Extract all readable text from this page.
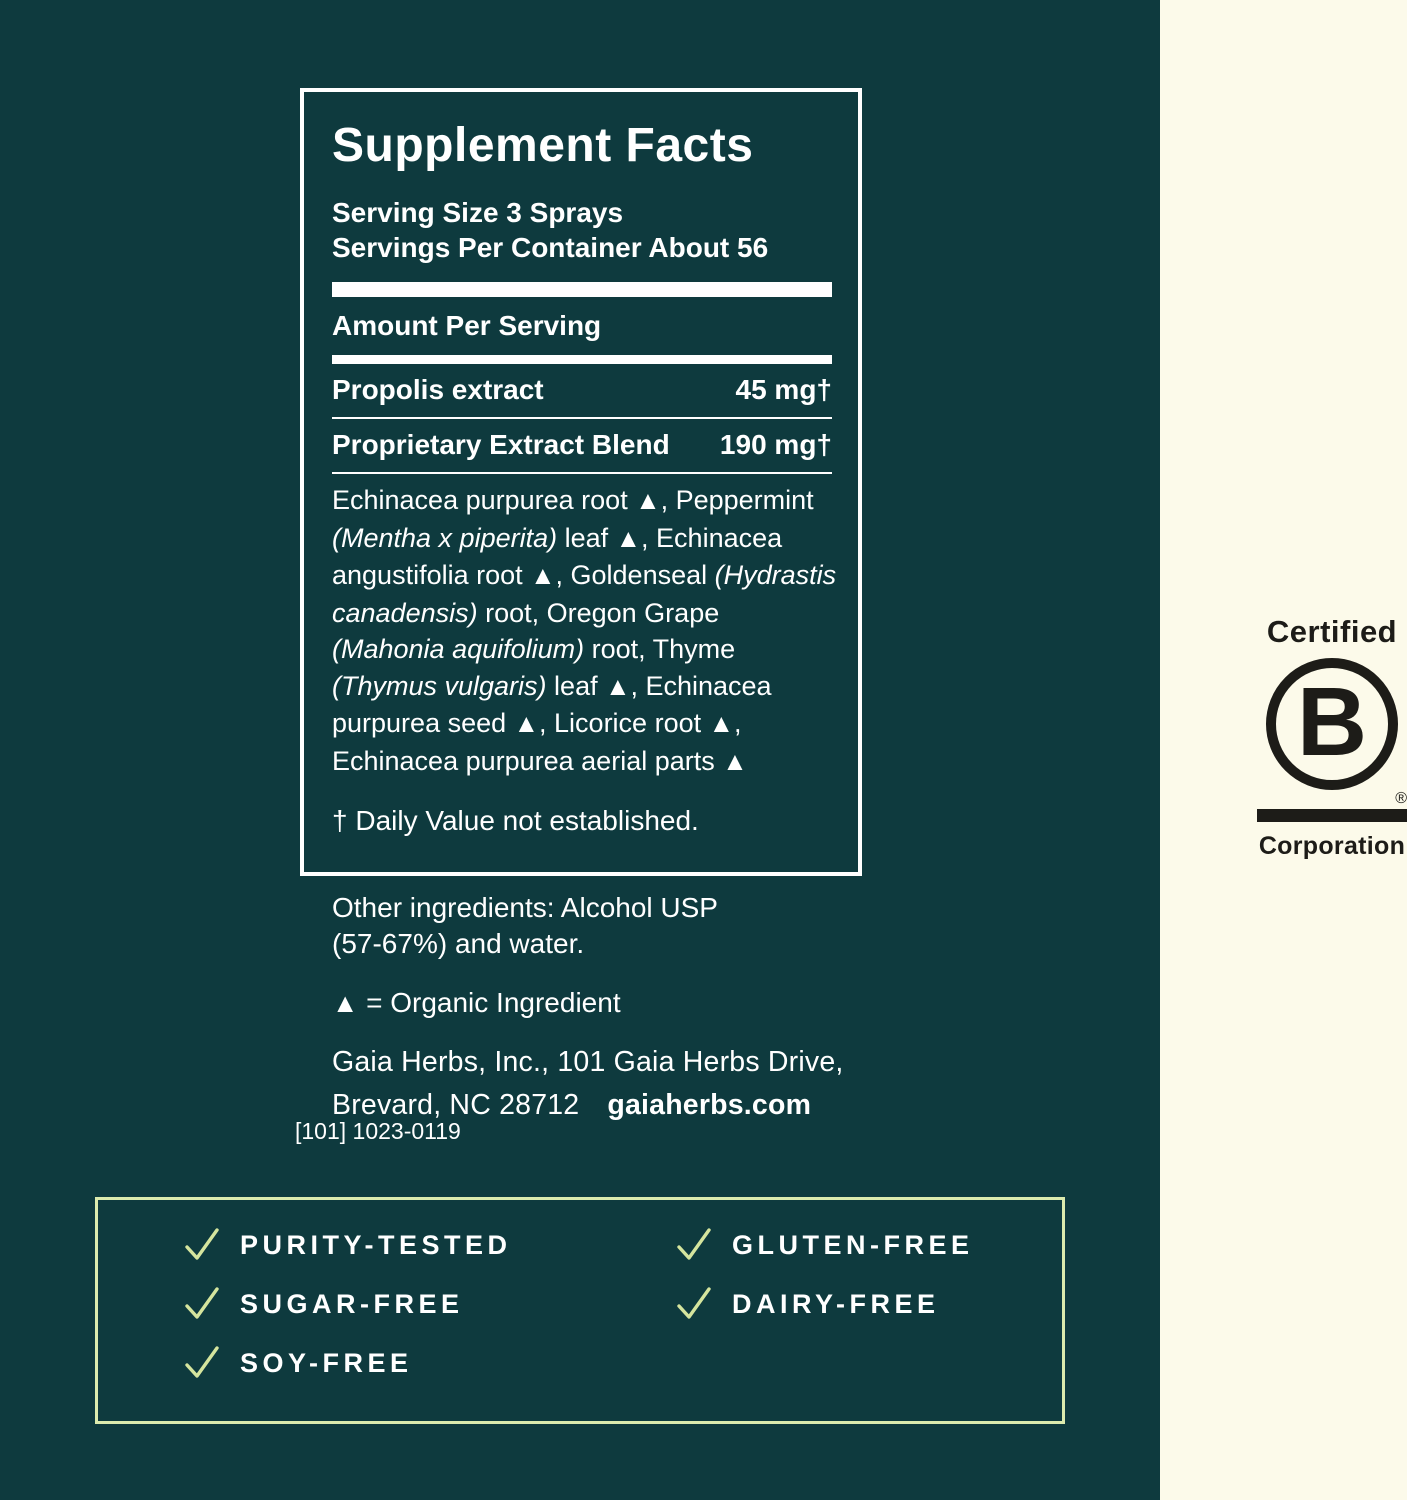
Certified
B
®
Corporation
Supplement Facts
Serving Size 3 Sprays
Servings Per Container About 56
Amount Per Serving
Propolis extract	45 mg†
Proprietary Extract Blend 190 mg†
Echinacea purpurea root ▲, Peppermint (Mentha x piperita) leaf ▲, Echinacea angustifolia root ▲, Goldenseal (Hydrastis canadensis) root, Oregon Grape (Mahonia aquifolium) root, Thyme (Thymus vulgaris) leaf ▲, Echinacea purpurea seed ▲, Licorice root ▲, Echinacea purpurea aerial parts ▲
† Daily Value not established.
Other ingredients: Alcohol USP
(57-67%) and water.
▲ = Organic Ingredient
Gaia Herbs, Inc., 101 Gaia Herbs Drive,
Brevard, NC 28712 gaiaherbs.com
[101] 1023-0119
PURITY-TESTED
SUGAR-FREE
SOY-FREE
GLUTEN-FREE
DAIRY-FREE
